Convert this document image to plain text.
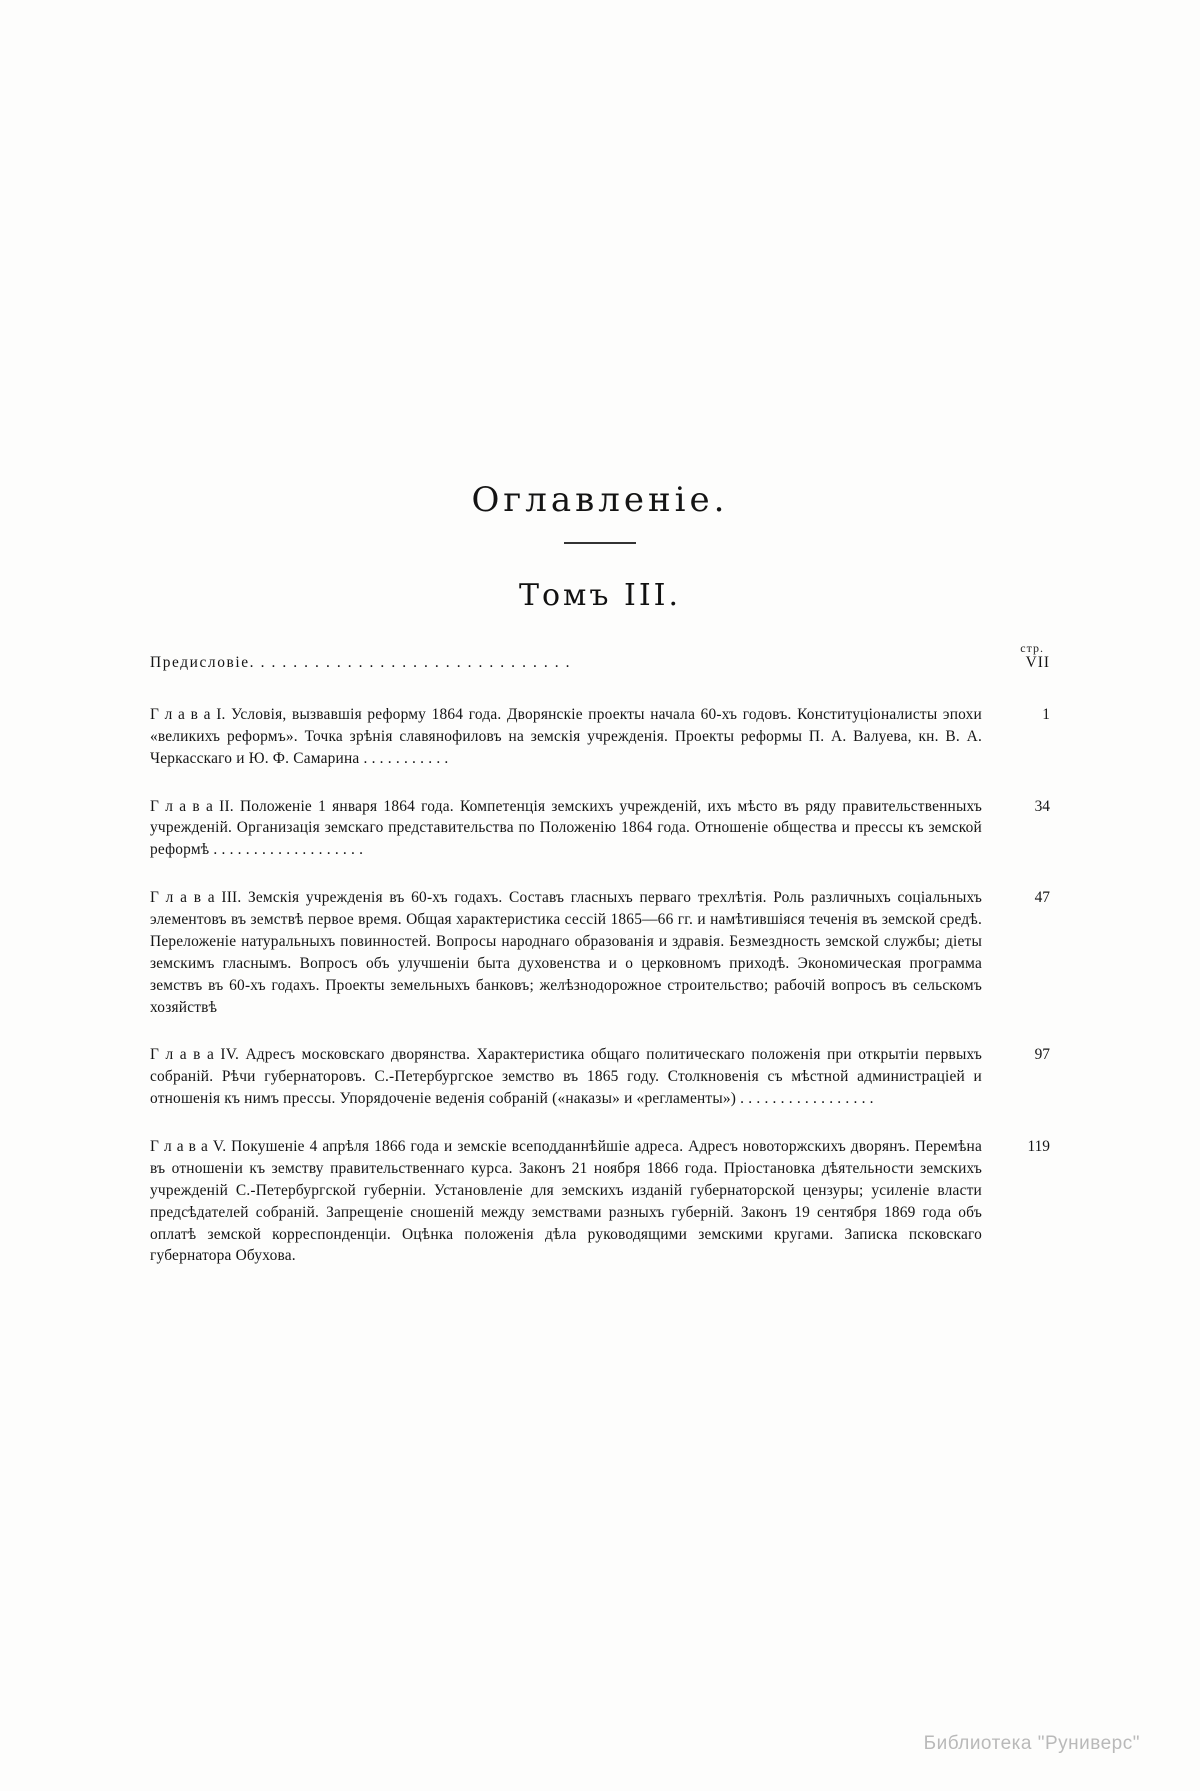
Оглавленіе.
Томъ III.
стр.
Предисловіе. . . . . . . . . . . . . . . . . . . . . . . . . . . . . .	VII
Г л а в а I. Условія, вызвавшія реформу 1864 года. Дворянскіе проекты начала 60-хъ годовъ. Конституціоналисты эпохи «великихъ реформъ». Точка зрѣнія славянофиловъ на земскія учрежденія. Проекты реформы П. А. Валуева, кн. В. А. Черкасскаго и Ю. Ф. Самарина . . . . . . . . . . .
1
Г л а в а II. Положеніе 1 января 1864 года. Компетенція земскихъ учрежденій, ихъ мѣсто въ ряду правительственныхъ учрежденій. Организація земскаго представительства по Положенію 1864 года. Отношеніе общества и прессы къ земской реформѣ . . . . . . . . . . . . . . . . . . .
34
Г л а в а III. Земскія учрежденія въ 60-хъ годахъ. Составъ гласныхъ перваго трехлѣтія. Роль различныхъ соціальныхъ элементовъ въ земствѣ первое время. Общая характеристика сессій 1865—66 гг. и намѣтившіяся теченія въ земской средѣ. Переложеніе натуральныхъ повинностей. Вопросы народнаго образованія и здравія. Безмездность земской службы; діеты земскимъ гласнымъ. Вопросъ объ улучшеніи быта духовенства и о церковномъ приходѣ. Экономическая программа земствъ въ 60-хъ годахъ. Проекты земельныхъ банковъ; желѣзнодорожное строительство; рабочій вопросъ въ сельскомъ хозяйствѣ
47
Г л а в а IV. Адресъ московскаго дворянства. Характеристика общаго политическаго положенія при открытіи первыхъ собраній. Рѣчи губернаторовъ. С.-Петербургское земство въ 1865 году. Столкновенія съ мѣстной администраціей и отношенія къ нимъ прессы. Упорядоченіе веденія собраній («наказы» и «регламенты») . . . . . . . . . . . . . . . . .
97
Г л а в а V. Покушеніе 4 апрѣля 1866 года и земскіе всеподданнѣйшіе адреса. Адресъ новоторжскихъ дворянъ. Перемѣна въ отношеніи къ земству правительственнаго курса. Законъ 21 ноября 1866 года. Пріостановка дѣятельности земскихъ учрежденій С.-Петербургской губерніи. Установленіе для земскихъ изданій губернаторской цензуры; усиленіе власти предсѣдателей собраній. Запрещеніе сношеній между земствами разныхъ губерній. Законъ 19 сентября 1869 года объ оплатѣ земской корреспонденціи. Оцѣнка положенія дѣла руководящими земскими кругами. Записка псковскаго губернатора Обухова.
119
Библиотека "Руниверс"
